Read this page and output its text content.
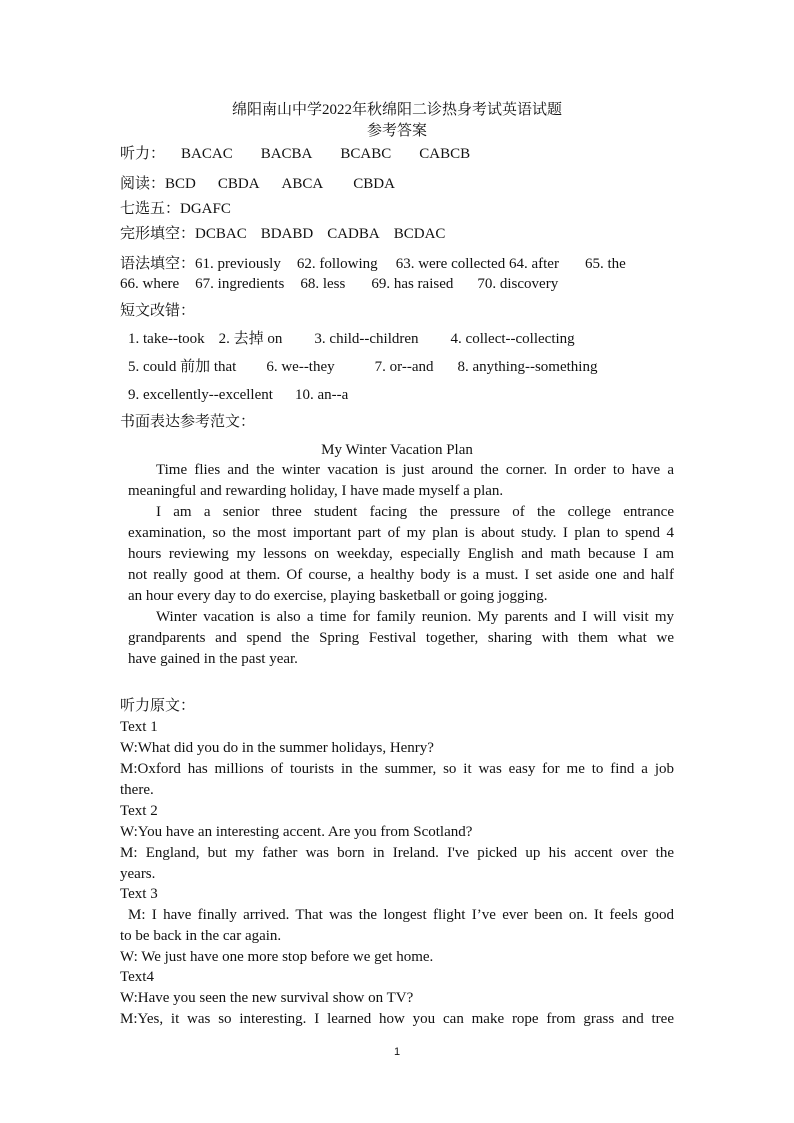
绵阳南山中学2022年秋绵阳二诊热身考试英语试题
参考答案
听力： BACAC BACBA BCABC CABCB
阅读：BCD CBDA ABCA CBDA
七选五：DGAFC
完形填空：DCBAC BDABD CADBA BCDAC
语法填空：61. previously 62. following 63. were collected 64. after 65. the
66. where 67. ingredients 68. less 69. has raised 70. discovery
短文改错：
1. take--took 2. 去掉 on 3. child--children 4. collect--collecting
5. could 前加 that 6. we--they	7. or--and 8. anything--something
9. excellently--excellent 10. an--a
书面表达参考范文：
My Winter Vacation Plan
Time flies and the winter vacation is just around the corner. In order to have a
meaningful and rewarding holiday, I have made myself a plan.
I am a senior three student facing the pressure of the college entrance
examination, so the most important part of my plan is about study. I plan to spend 4
hours reviewing my lessons on weekday, especially English and math because I am
not really good at them. Of course, a healthy body is a must. I set aside one and half
an hour every day to do exercise, playing basketball or going jogging.
Winter vacation is also a time for family reunion. My parents and I will visit my
grandparents and spend the Spring Festival together, sharing with them what we
have gained in the past year.
听力原文：
Text 1
W:What did you do in the summer holidays, Henry?
M:Oxford has millions of tourists in the summer, so it was easy for me to find a job
there.
Text 2
W:You have an interesting accent. Are you from Scotland?
M: England, but my father was born in Ireland. I've picked up his accent over the
years.
Text 3
M: I have finally arrived. That was the longest flight I’ve ever been on. It feels good
to be back in the car again.
W: We just have one more stop before we get home.
Text4
W:Have you seen the new survival show on TV?
M:Yes, it was so interesting. I learned how you can make rope from grass and tree
1
